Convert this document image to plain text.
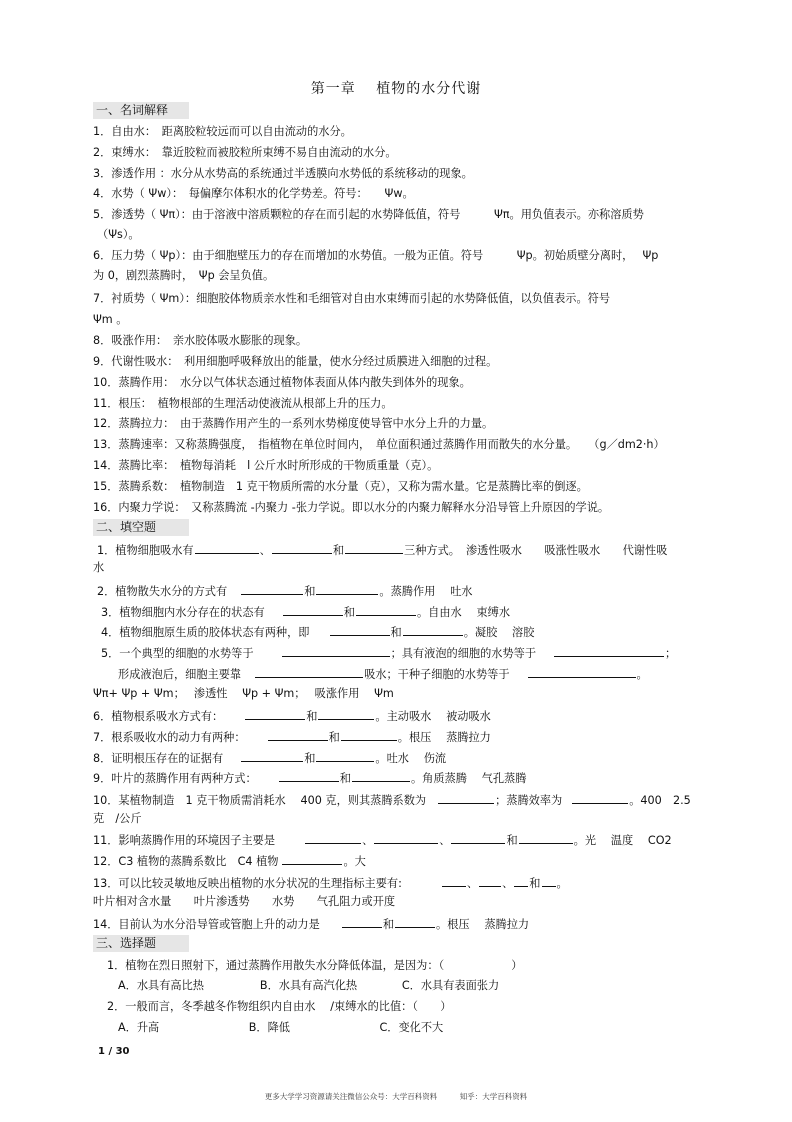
第一章　 植物的水分代谢
一、名词解释
1．自由水：　距离胶粒较远而可以自由流动的水分。
2．束缚水：　靠近胶粒而被胶粒所束缚不易自由流动的水分。
3．渗透作用 ：水分从水势高的系统通过半透膜向水势低的系统移动的现象。
4．水势（ Ψw）：　每偏摩尔体积水的化学势差。符号：　　Ψw。
5．渗透势（ Ψπ）：由于溶液中溶质颗粒的存在而引起的水势降低值，符号　　　Ψπ。用负值表示。亦称溶质势
（Ψs）。
6．压力势（ Ψp）：由于细胞壁压力的存在而增加的水势值。一般为正值。符号　　　Ψp。初始质壁分离时，　 Ψp
为 0，剧烈蒸腾时，　Ψp 会呈负值。
7．衬质势（ Ψm）：细胞胶体物质亲水性和毛细管对自由水束缚而引起的水势降低值，以负值表示。符号
Ψm 。
8．吸涨作用：　亲水胶体吸水膨胀的现象。
9．代谢性吸水：　利用细胞呼吸释放出的能量，使水分经过质膜进入细胞的过程。
10．蒸腾作用：　水分以气体状态通过植物体表面从体内散失到体外的现象。
11．根压：　植物根部的生理活动使液流从根部上升的压力。
12．蒸腾拉力：　由于蒸腾作用产生的一系列水势梯度使导管中水分上升的力量。
13．蒸腾速率：又称蒸腾强度，　指植物在单位时间内，　单位面积通过蒸腾作用而散失的水分量。　　（g／dm2·h）
14．蒸腾比率：　植物每消耗　l 公斤水时所形成的干物质重量（克）。
15．蒸腾系数：　植物制造　1 克干物质所需的水分量（克），又称为需水量。它是蒸腾比率的倒逐。
16．内聚力学说：　又称蒸腾流 -内聚力 -张力学说。即以水分的内聚力解释水分沿导管上升原因的学说。
二、填空题
1．植物细胞吸水有	、	和	三种方式。 渗透性吸水　　吸涨性吸水　　代谢性吸
水
2．植物散失水分的方式有	和	。蒸腾作用　 吐水
3．植物细胞内水分存在的状态有	和	。自由水　 束缚水
4．植物细胞原生质的胶体状态有两种，即	和	。凝胶　 溶胶
5．一个典型的细胞的水势等于	；具有液泡的细胞的水势等于	；
形成液泡后，细胞主要靠	吸水；干种子细胞的水势等于	。
Ψπ+ Ψp + Ψm；　 渗透性　 Ψp + Ψm；　 吸涨作用　 Ψm
6．植物根系吸水方式有：	和	。主动吸水　 被动吸水
7．根系吸收水的动力有两种：	和	。根压　 蒸腾拉力
8．证明根压存在的证据有	和	。吐水　 伤流
9．叶片的蒸腾作用有两种方式：	和	。角质蒸腾　 气孔蒸腾
10．某植物制造　1 克干物质需消耗水　 400 克，则其蒸腾系数为	；蒸腾效率为	。400　2.5
克　/公斤
11．影响蒸腾作用的环境因子主要是	、	、	和	。光　 温度　 CO2
12．C3 植物的蒸腾系数比　C4 植物	。大
13．可以比较灵敏地反映出植物的水分状况的生理指标主要有:	、 、 和 。
叶片相对含水量　　叶片渗透势　　水势　　气孔阻力或开度
14．目前认为水分沿导管或管胞上升的动力是	和	。根压　 蒸腾拉力
三、选择题
1．植物在烈日照射下，通过蒸腾作用散失水分降低体温，是因为：（　　　　　　）
A．水具有高比热　　　　　B．水具有高汽化热　　　　C．水具有表面张力
2．一般而言，冬季越冬作物组织内自由水　 /束缚水的比值：（　　）
A．升高　　　　　　　　B．降低　　　　　　　　C．变化不大
1 / 30
更多大学学习资源请关注微信公众号：大学百科资料　　　知乎：大学百科资料
